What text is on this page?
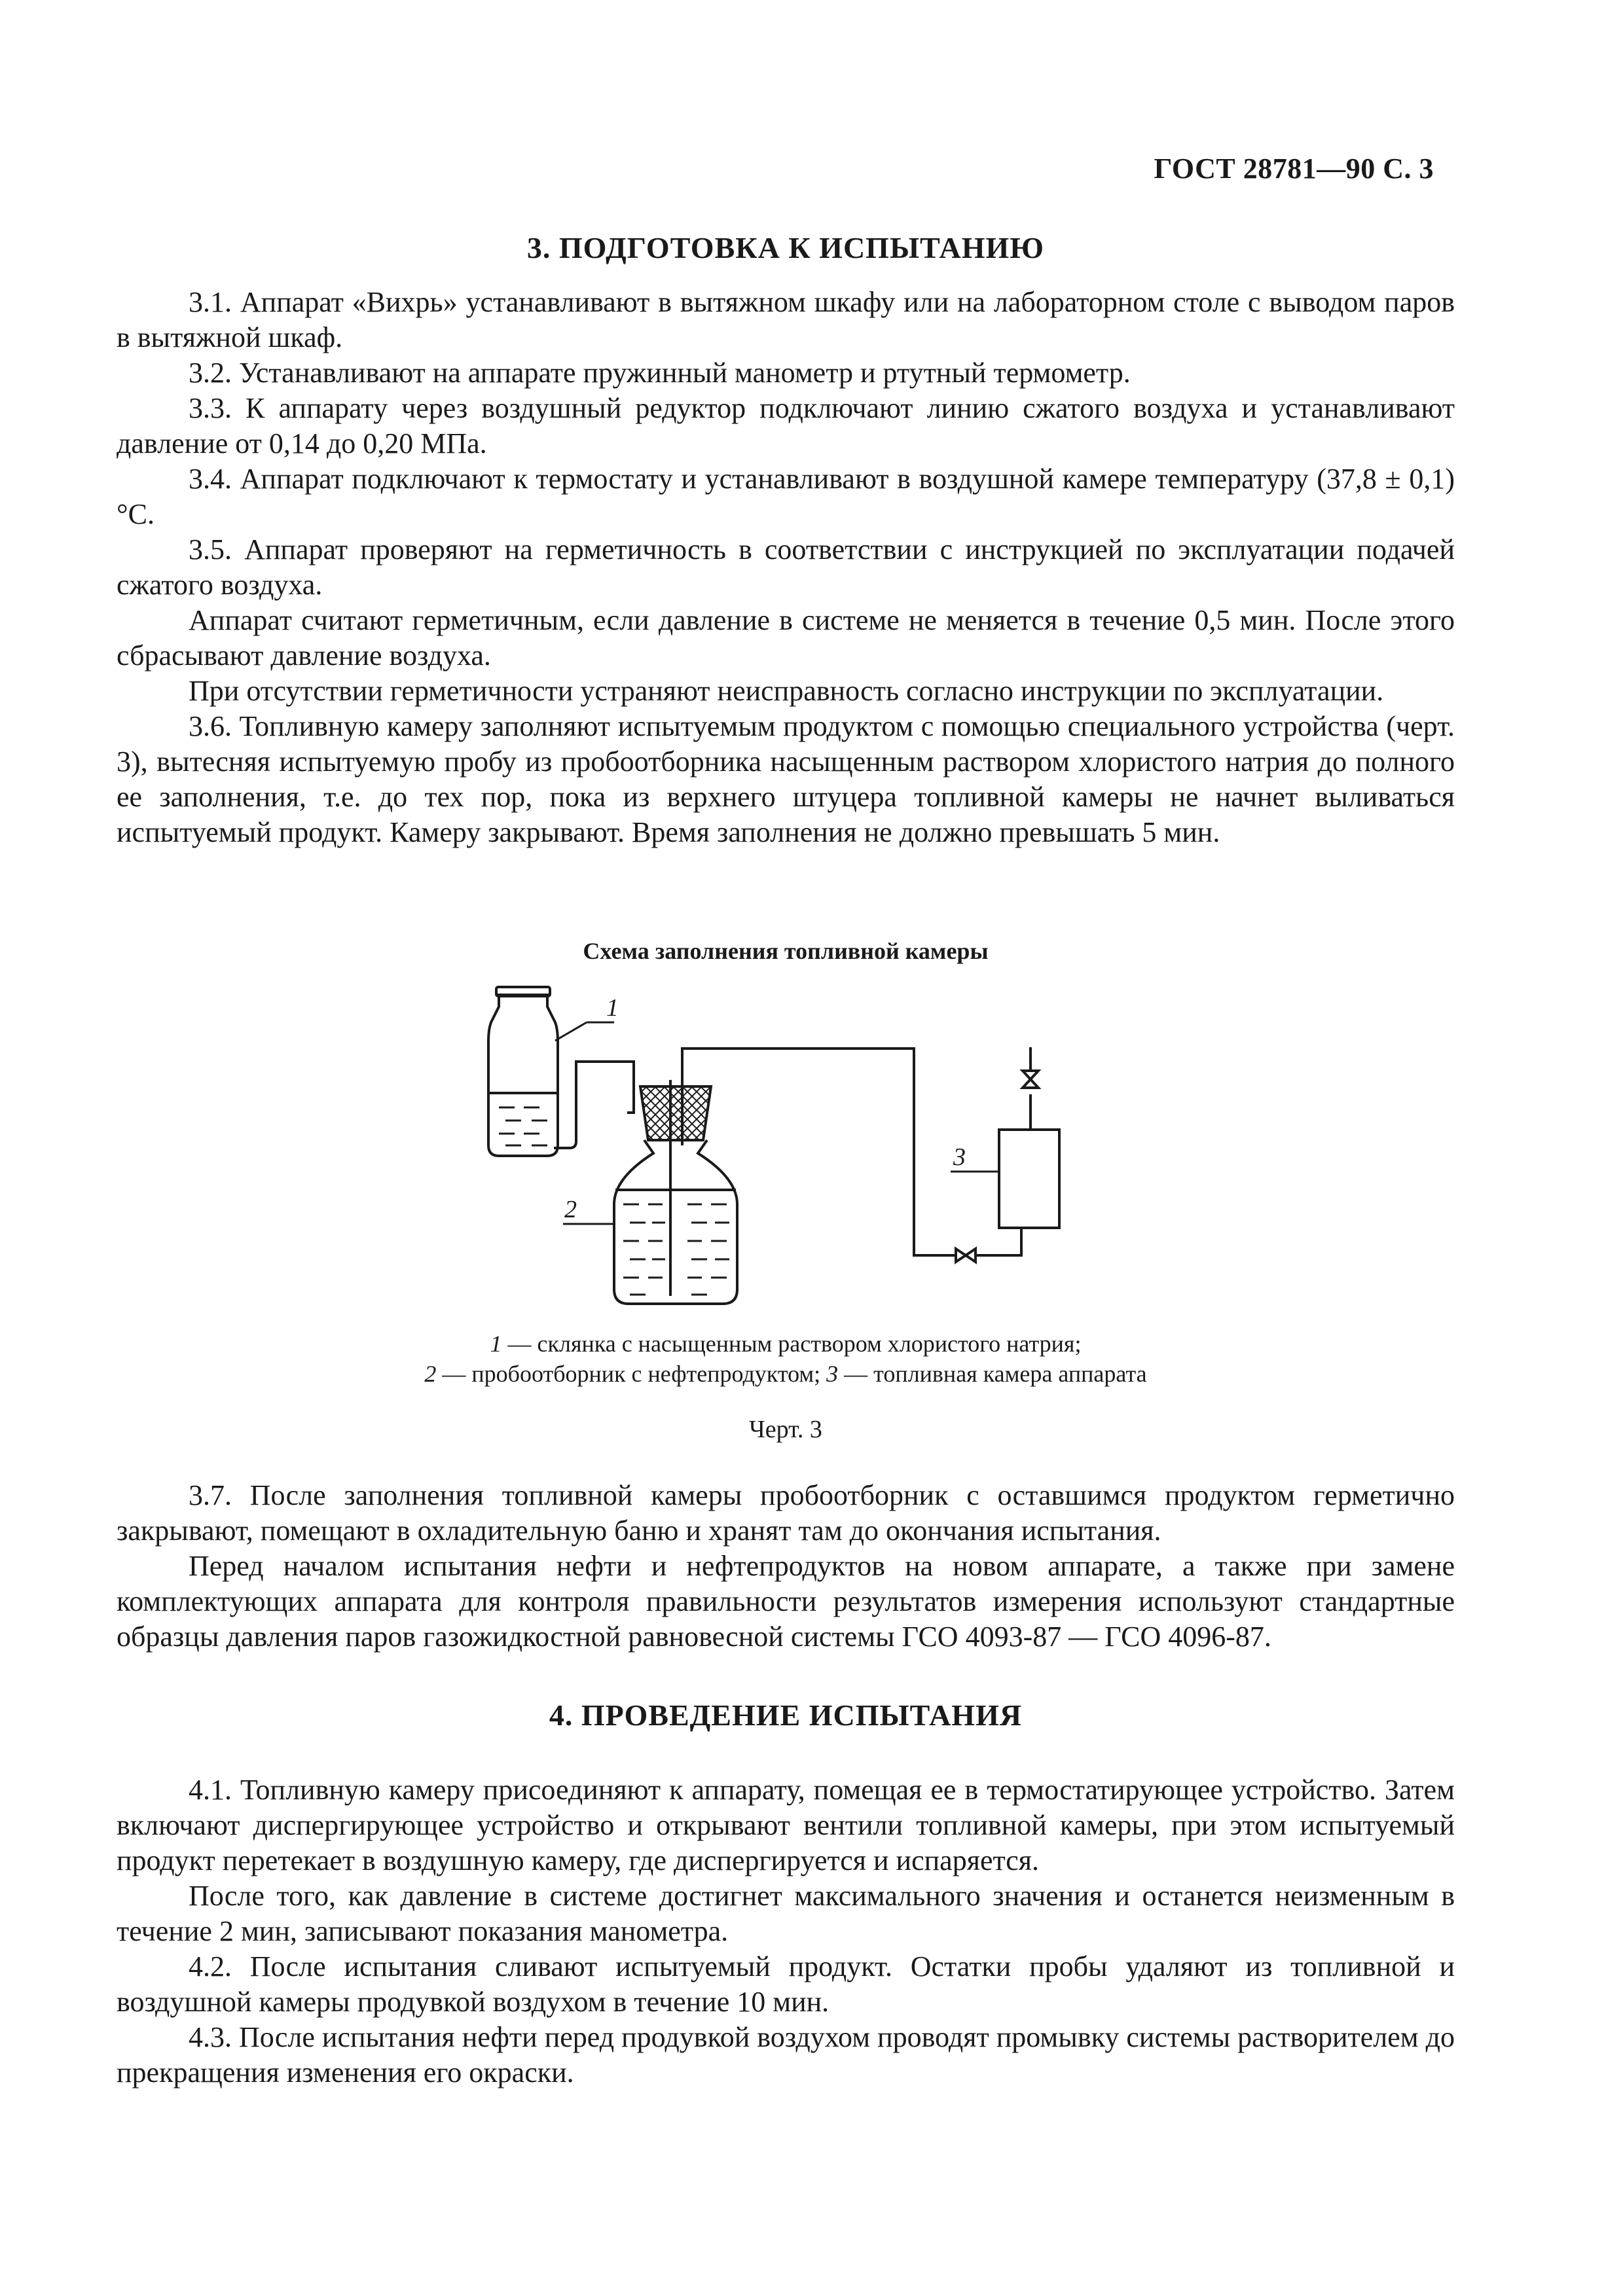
ГОСТ 28781—90 С. 3
3. ПОДГОТОВКА К ИСПЫТАНИЮ

3.1. Аппарат «Вихрь» устанавливают в вытяжном шкафу или на лабораторном столе с выводом паров в вытяжной шкаф.

3.2. Устанавливают на аппарате пружинный манометр и ртутный термометр.

3.3. К аппарату через воздушный редуктор подключают линию сжатого воздуха и устанавливают давление от 0,14 до 0,20 МПа.

3.4. Аппарат подключают к термостату и устанавливают в воздушной камере температуру (37,8 ± 0,1) °С.

3.5. Аппарат проверяют на герметичность в соответствии с инструкцией по эксплуатации подачей сжатого воздуха.

Аппарат считают герметичным, если давление в системе не меняется в течение 0,5 мин. После этого сбрасывают давление воздуха.

При отсутствии герметичности устраняют неисправность согласно инструкции по эксплуатации.

3.6. Топливную камеру заполняют испытуемым продуктом с помощью специального устройства (черт. 3), вытесняя испытуемую пробу из пробоотборника насыщенным раствором хлористого натрия до полного ее заполнения, т.е. до тех пор, пока из верхнего штуцера топливной камеры не начнет выливаться испытуемый продукт. Камеру закрывают. Время заполнения не должно превышать 5 мин.

Схема заполнения топливной камеры
1
2
3
1 — склянка с насыщенным раствором хлористого натрия;
2 — пробоотборник с нефтепродуктом; 3 — топливная камера аппарата
Черт. 3

3.7. После заполнения топливной камеры пробоотборник с оставшимся продуктом герметично закрывают, помещают в охладительную баню и хранят там до окончания испытания.

Перед началом испытания нефти и нефтепродуктов на новом аппарате, а также при замене комплектующих аппарата для контроля правильности результатов измерения используют стандартные образцы давления паров газожидкостной равновесной системы ГСО 4093-87 — ГСО 4096-87.

4. ПРОВЕДЕНИЕ ИСПЫТАНИЯ

4.1. Топливную камеру присоединяют к аппарату, помещая ее в термостатирующее устройство. Затем включают диспергирующее устройство и открывают вентили топливной камеры, при этом испытуемый продукт перетекает в воздушную камеру, где диспергируется и испаряется.

После того, как давление в системе достигнет максимального значения и останется неизменным в течение 2 мин, записывают показания манометра.

4.2. После испытания сливают испытуемый продукт. Остатки пробы удаляют из топливной и воздушной камеры продувкой воздухом в течение 10 мин.

4.3. После испытания нефти перед продувкой воздухом проводят промывку системы растворителем до прекращения изменения его окраски.
